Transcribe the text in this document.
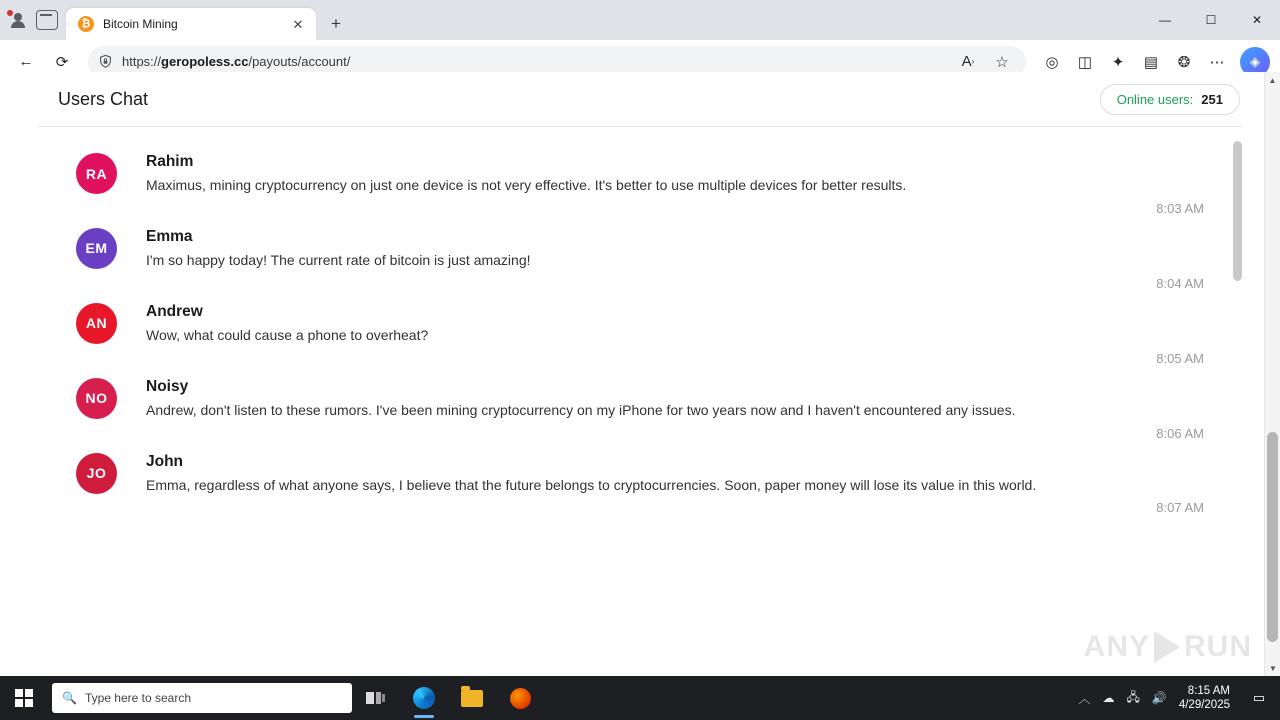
₿ Bitcoin Mining	✕	+	—	☐	✕
←	⟳	https://geropoless.cc/payouts/account/	A ›	☆	◎	◫	✦	▤	❂	⋯	◈
Users Chat	Online users: 251
RA
Rahim
Maximus, mining cryptocurrency on just one device is not very effective. It's better to use multiple devices for better results.
8:03 AM
EM
Emma
I'm so happy today! The current rate of bitcoin is just amazing!
8:04 AM
AN
Andrew
Wow, what could cause a phone to overheat?
8:05 AM
NO
Noisy
Andrew, don't listen to these rumors. I've been mining cryptocurrency on my iPhone for two years now and I haven't encountered any issues.
8:06 AM
JO
John
Emma, regardless of what anyone says, I believe that the future belongs to cryptocurrencies. Soon, paper money will lose its value in this world.
8:07 AM
ANY RUN
▲
▼
🔍 Type here to search	︿ ☁ 🖧 🔊
8:15 AM
4/29/2025	▭
